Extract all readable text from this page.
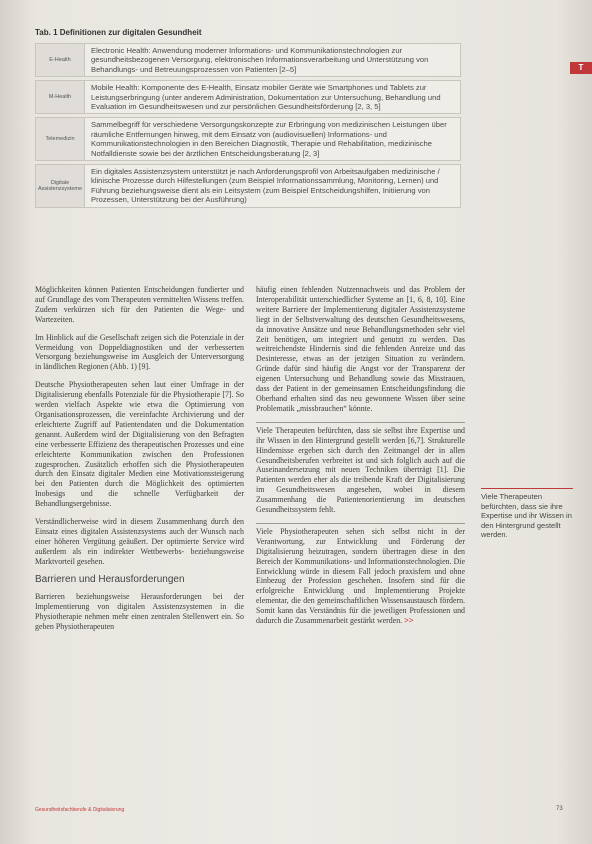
Tab. 1 Definitionen zur digitalen Gesundheit
T
E-Health	Electronic Health: Anwendung moderner Informations- und Kommunikationstechnologien zur gesundheitsbezogenen Versorgung, elektronischen Informationsverarbeitung und Unterstützung von Behandlungs- und Betreuungsprozessen von Patienten [2–5]
M-Health	Mobile Health: Komponente des E-Health, Einsatz mobiler Geräte wie Smartphones und Tablets zur Leistungserbringung (unter anderem Administration, Dokumentation zur Untersuchung, Behandlung und Evaluation im Gesundheitswesen und zur persönlichen Gesundheitsförderung [2, 3, 5]
Telemedizin	Sammelbegriff für verschiedene Versorgungskonzepte zur Erbringung von medizinischen Leistungen über räumliche Entfernungen hinweg, mit dem Einsatz von (audiovisuellen) Informations- und Kommunikationstechnologien in den Bereichen Diagnostik, Therapie und Rehabilitation, medizinische Notfalldienste sowie bei der ärztlichen Entscheidungsberatung [2, 3]
Digitale Assistenzsysteme	Ein digitales Assistenzsystem unterstützt je nach Anforderungsprofil von Arbeitsaufgaben medizinische / klinische Prozesse durch Hilfestellungen (zum Beispiel Informationssammlung, Monitoring, Lernen) und Führung beziehungsweise dient als ein Leitsystem (zum Beispiel Entscheidungshilfen, Initiierung von Prozessen, Unterstützung bei der Ausführung)

Möglichkeiten können Patienten Entscheidungen fundierter und auf Grundlage des vom Therapeuten vermittelten Wissens treffen. Zudem verkürzen sich für den Patienten die Wege- und Wartezeiten.

Im Hinblick auf die Gesellschaft zeigen sich die Potenziale in der Vermeidung von Doppeldiagnostiken und der verbesserten Versorgung beziehungsweise im Ausgleich der Unterversorgung in ländlichen Regionen (Abb. 1) [9].

Deutsche Physiotherapeuten sehen laut einer Umfrage in der Digitalisierung ebenfalls Potenziale für die Physiotherapie [7]. So werden vielfach Aspekte wie etwa die Optimierung von Organisationsprozessen, die vereinfachte Archivierung und der erleichterte Zugriff auf Patientendaten und die Dokumentation genannt. Außerdem wird der Digitalisierung von den Befragten eine verbesserte Effizienz des therapeutischen Prozesses und eine erleichterte Kommunikation zwischen den Professionen zugesprochen. Zusätzlich erhoffen sich die Physiotherapeuten durch den Einsatz digitaler Medien eine Motivationssteigerung bei den Patienten durch die Möglichkeit des optimierten Inobesigs und die schnelle Verfügbarkeit der Behandlungsergebnisse.

Verständlicherweise wird in diesem Zusammenhang durch den Einsatz eines digitalen Assistenzsystems auch der Wunsch nach einer höheren Vergütung geäußert. Der optimierte Service wird außerdem als ein indirekter Wettbewerbs- beziehungsweise Marktvorteil gesehen.

Barrieren und Herausforderungen

Barrieren beziehungsweise Herausforderungen bei der Implementierung von digitalen Assistenzsystemen in die Physiotherapie nehmen mehr einen zentralen Stellenwert ein. So geben Physiotherapeuten

häufig einen fehlenden Nutzennachweis und das Problem der Interoperabilität unterschiedlicher Systeme an [1, 6, 8, 10]. Eine weitere Barriere der Implementierung digitaler Assistenzsysteme liegt in der Selbstverwaltung des deutschen Gesundheitswesens, da innovative Ansätze und neue Behandlungsmethoden sehr viel Zeit benötigen, um integriert und genutzt zu werden. Das weitreichendste Hindernis sind die fehlenden Anreize und das Desinteresse, etwas an der jetzigen Situation zu verändern. Gründe dafür sind häufig die Angst vor der Transparenz der eigenen Untersuchung und Behandlung sowie das Misstrauen, dass der Patient in der gemeinsamen Entscheidungsfindung die Oberhand erhalten sind das neu gewonnene Wissen über seine Problematik „missbrauchen“ könnte.

Viele Therapeuten befürchten, dass sie selbst ihre Expertise und ihr Wissen in den Hintergrund gestellt werden [6,7]. Strukturelle Hindernisse ergeben sich durch den Zeitmangel der in allen Gesundheitsberufen verbreitet ist und sich folglich auch auf die Auseinandersetzung mit neuen Techniken überträgt [1]. Die Patienten werden eher als die treibende Kraft der Digitalisierung im Gesundheitswesen angesehen, wobei in diesem Zusammenhang die Patientenorientierung im deutschen Gesundheitssystem fehlt.

Viele Physiotherapeuten sehen sich selbst nicht in der Verantwortung, zur Entwicklung und Förderung der Digitalisierung beizutragen, sondern übertragen diese in den Bereich der Kommunikations- und Informationstechnologien. Die Entwicklung würde in diesem Fall jedoch praxisfern und ohne Einbezug der Profession geschehen. Insofern sind für die erfolgreiche Entwicklung und Implementierung Projekte elementar, die den gemeinschaftlichen Wissensaustausch fördern. Somit kann das Verständnis für die jeweiligen Professionen und dadurch die Zusammenarbeit gestärkt werden. >>

Viele Therapeuten befürchten, dass sie ihre Expertise und ihr Wissen in den Hintergrund gestellt werden.
Gesundheitsfachberufe & Digitalisierung	73
